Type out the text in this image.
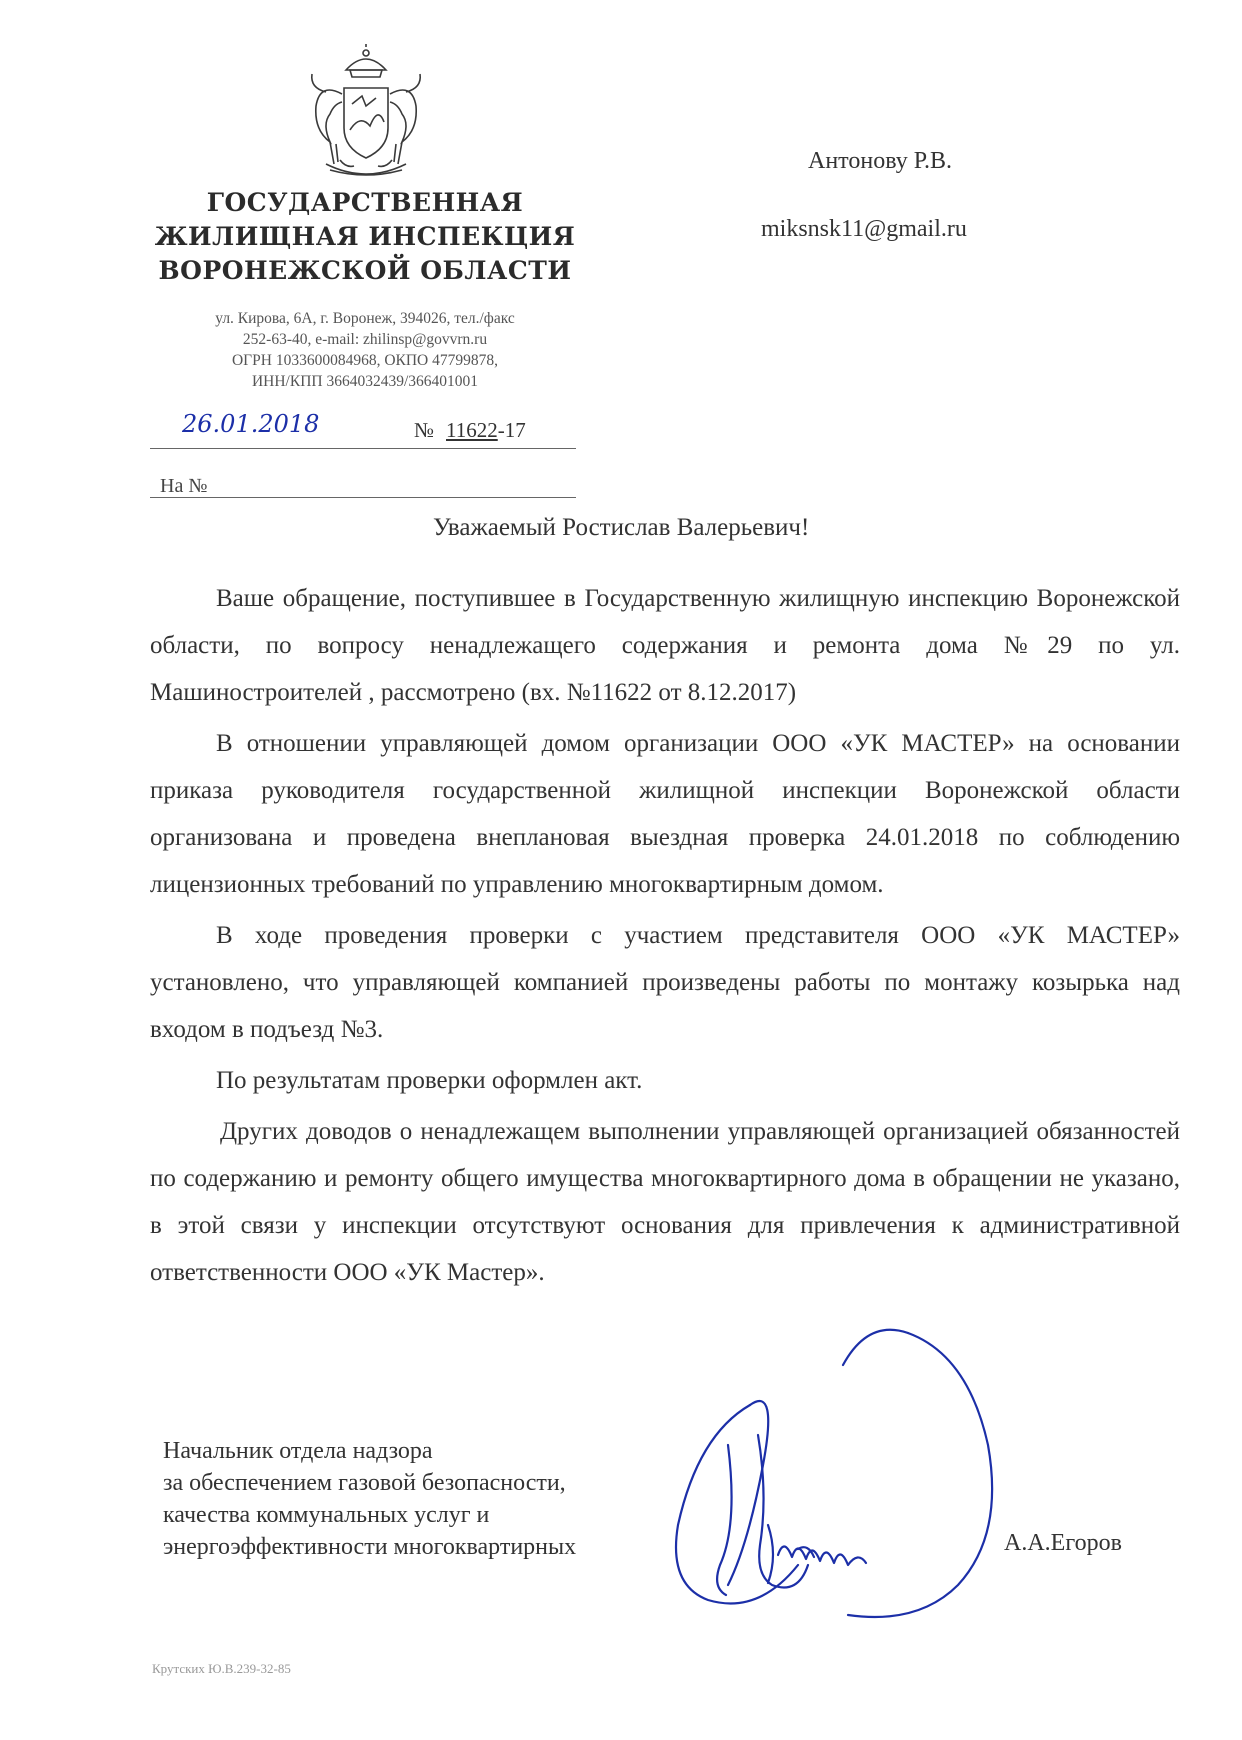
ГОСУДАРСТВЕННАЯ
ЖИЛИЩНАЯ ИНСПЕКЦИЯ
ВОРОНЕЖСКОЙ ОБЛАСТИ
ул. Кирова, 6А, г. Воронеж, 394026, тел./факс
252-63-40, e-mail: zhilinsp@govvrn.ru
ОГРН 1033600084968, ОКПО 47799878,
ИНН/КПП 3664032439/366401001
26.01.2018	№ 11622-17
На №
Антонову Р.В.
miksnsk11@gmail.ru
Уважаемый Ростислав Валерьевич!

Ваше обращение, поступившее в Государственную жилищную инспекцию Воронежской области, по вопросу ненадлежащего содержания и ремонта дома №29 по ул. Машиностроителей , рассмотрено (вх. №11622 от 8.12.2017)

В отношении управляющей домом организации ООО «УК МАСТЕР» на основании приказа руководителя государственной жилищной инспекции Воронежской области организована и проведена внеплановая выездная проверка 24.01.2018 по соблюдению лицензионных требований по управлению многоквартирным домом.

В ходе проведения проверки с участием представителя ООО «УК МАСТЕР» установлено, что управляющей компанией произведены работы по монтажу козырька над входом в подъезд №3.

По результатам проверки оформлен акт.

Других доводов о ненадлежащем выполнении управляющей организацией обязанностей по содержанию и ремонту общего имущества многоквартирного дома в обращении не указано, в этой связи у инспекции отсутствуют основания для привлечения к административной ответственности ООО «УК Мастер».

Начальник отдела надзора
за обеспечением газовой безопасности,
качества коммунальных услуг и
энергоэффективности многоквартирных	А.А.Егоров
Крутских Ю.В.239-32-85
